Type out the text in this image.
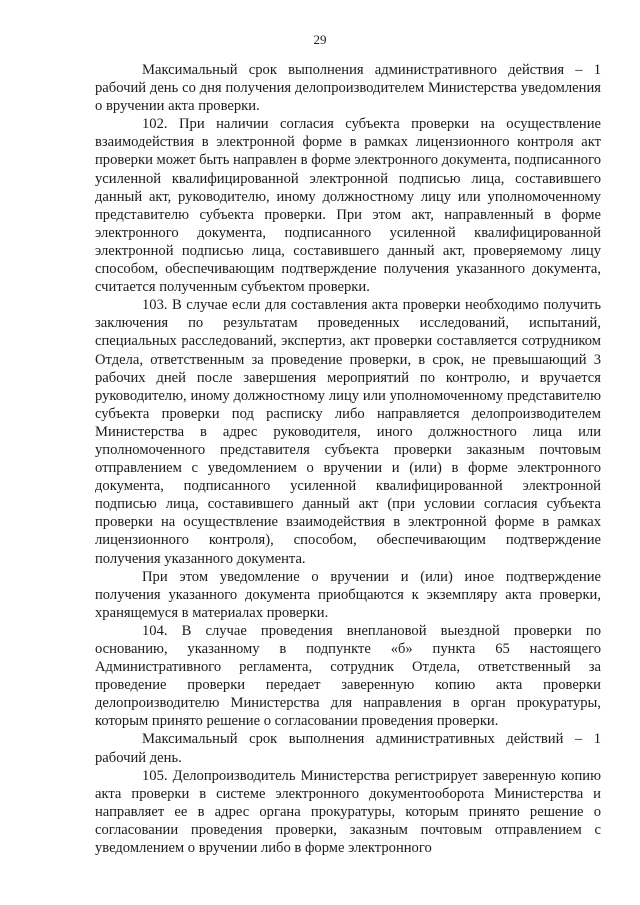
29

Максимальный срок выполнения административного действия – 1 рабочий день со дня получения делопроизводителем Министерства уведомления о вручении акта проверки.

102. При наличии согласия субъекта проверки на осуществление взаимодействия в электронной форме в рамках лицензионного контроля акт проверки может быть направлен в форме электронного документа, подписанного усиленной квалифицированной электронной подписью лица, составившего данный акт, руководителю, иному должностному лицу или уполномоченному представителю субъекта проверки. При этом акт, направленный в форме электронного документа, подписанного усиленной квалифицированной электронной подписью лица, составившего данный акт, проверяемому лицу способом, обеспечивающим подтверждение получения указанного документа, считается полученным субъектом проверки.

103. В случае если для составления акта проверки необходимо получить заключения по результатам проведенных исследований, испытаний, специальных расследований, экспертиз, акт проверки составляется сотрудником Отдела, ответственным за проведение проверки, в срок, не превышающий 3 рабочих дней после завершения мероприятий по контролю, и вручается руководителю, иному должностному лицу или уполномоченному представителю субъекта проверки под расписку либо направляется делопроизводителем Министерства в адрес руководителя, иного должностного лица или уполномоченного представителя субъекта проверки заказным почтовым отправлением с уведомлением о вручении и (или) в форме электронного документа, подписанного усиленной квалифицированной электронной подписью лица, составившего данный акт (при условии согласия субъекта проверки на осуществление взаимодействия в электронной форме в рамках лицензионного контроля), способом, обеспечивающим подтверждение получения указанного документа.

При этом уведомление о вручении и (или) иное подтверждение получения указанного документа приобщаются к экземпляру акта проверки, хранящемуся в материалах проверки.

104. В случае проведения внеплановой выездной проверки по основанию, указанному в подпункте «б» пункта 65 настоящего Административного регламента, сотрудник Отдела, ответственный за проведение проверки передает заверенную копию акта проверки делопроизводителю Министерства для направления в орган прокуратуры, которым принято решение о согласовании проведения проверки.

Максимальный срок выполнения административных действий – 1 рабочий день.

105. Делопроизводитель Министерства регистрирует заверенную копию акта проверки в системе электронного документооборота Министерства и направляет ее в адрес органа прокуратуры, которым принято решение о согласовании проведения проверки, заказным почтовым отправлением с уведомлением о вручении либо в форме электронного
